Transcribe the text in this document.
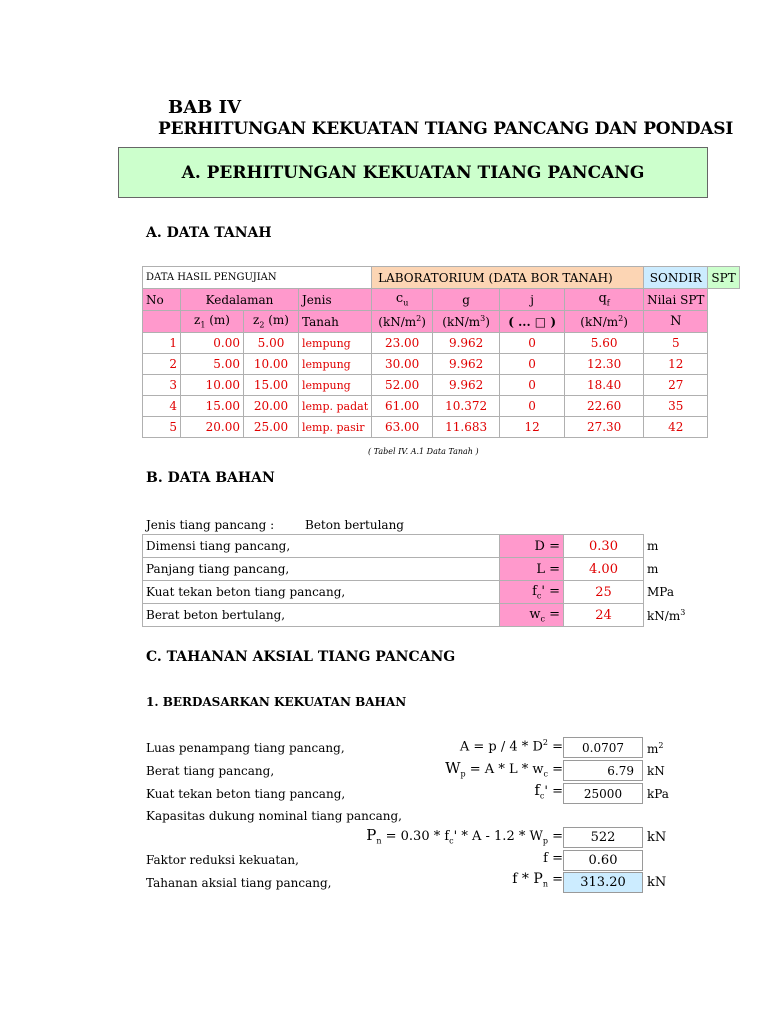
BAB IV
PERHITUNGAN KEKUATAN TIANG PANCANG DAN PONDASI
A. PERHITUNGAN KEKUATAN TIANG PANCANG
A. DATA TANAH
DATA HASIL PENGUJIAN				LABORATORIUM (DATA BOR TANAH)				SONDIR	SPT
No	Kedalaman		Jenis	$c_u$	g	j	$q_f$	Nilai SPT	
	$z_1$ (m)	$z_2$ (m)	Tanah	$(kN/m^2)$	$(kN/m^3)$	( ... □ )	$(kN/m^2)$	N	
1	0.00	5.00	lempung	23.00	9.962	0	5.60	5	
2	5.00	10.00	lempung	30.00	9.962	0	12.30	12	
3	10.00	15.00	lempung	52.00	9.962	0	18.40	27	
4	15.00	20.00	lemp. padat	61.00	10.372	0	22.60	35	
5	20.00	25.00	lemp. pasir	63.00	11.683	12	27.30	42	
( Tabel IV. A.1 Data Tanah )
B. DATA BAHAN
Jenis tiang pancang :	Beton bertulang
Dimensi tiang pancang,	D =	0.30	m
Panjang tiang pancang,	L =	4.00	m
Kuat tekan beton tiang pancang,	$f_c'$ =	25	MPa
Berat beton bertulang,	$w_c$ =	24	$kN/m^3$
C. TAHANAN AKSIAL TIANG PANCANG
1. BERDASARKAN KEKUATAN BAHAN
Luas penampang tiang pancang,	$A = p / 4 * D^2 = 0.0707$ $m^2$
Berat tiang pancang,	$W_p = A * L * w_c$ =	6.79 kN
Kuat tekan beton tiang pancang,	$f_c' = 25000$ kPa
Kapasitas dukung nominal tiang pancang,
$P_n = 0.30 * f_c' * A - 1.2 * W_p = 522$ kN
Faktor reduksi kekuatan,	f = 0.60
Tahanan aksial tiang pancang,	$f * P_n = 313.20$ kN
